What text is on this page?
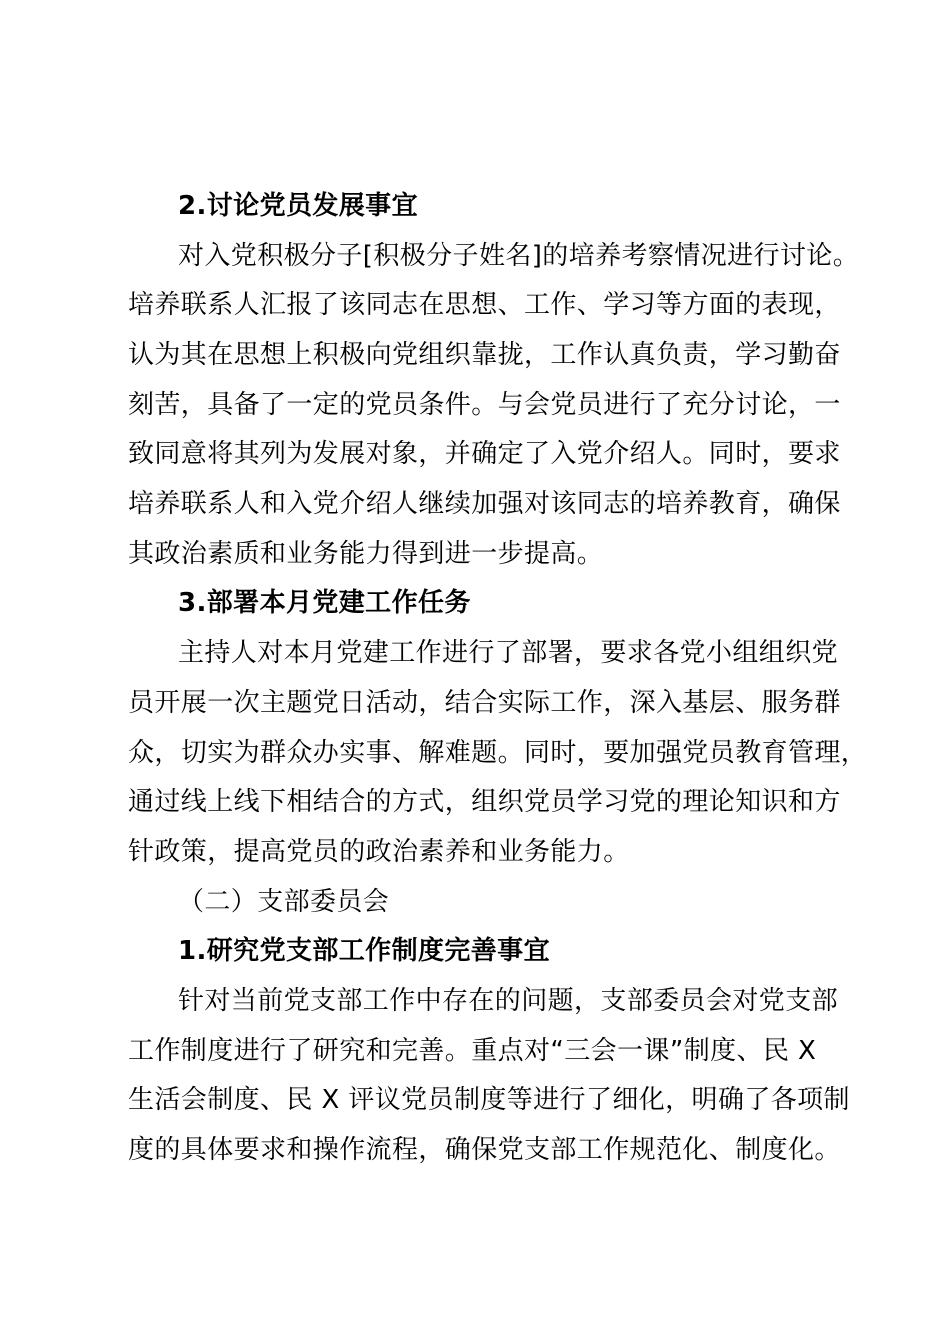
2.讨论党员发展事宜
对入党积极分子[积极分子姓名]的培养考察情况进行讨论。
培养联系人汇报了该同志在思想、工作、学习等方面的表现，
认为其在思想上积极向党组织靠拢，工作认真负责，学习勤奋
刻苦，具备了一定的党员条件。与会党员进行了充分讨论，一
致同意将其列为发展对象，并确定了入党介绍人。同时，要求
培养联系人和入党介绍人继续加强对该同志的培养教育，确保
其政治素质和业务能力得到进一步提高。
3.部署本月党建工作任务
主持人对本月党建工作进行了部署，要求各党小组组织党
员开展一次主题党日活动，结合实际工作，深入基层、服务群
众，切实为群众办实事、解难题。同时，要加强党员教育管理，
通过线上线下相结合的方式，组织党员学习党的理论知识和方
针政策，提高党员的政治素养和业务能力。
（二）支部委员会
1.研究党支部工作制度完善事宜
针对当前党支部工作中存在的问题，支部委员会对党支部
工作制度进行了研究和完善。重点对“三会一课”制度、民 X
生活会制度、民 X 评议党员制度等进行了细化，明确了各项制
度的具体要求和操作流程，确保党支部工作规范化、制度化。
